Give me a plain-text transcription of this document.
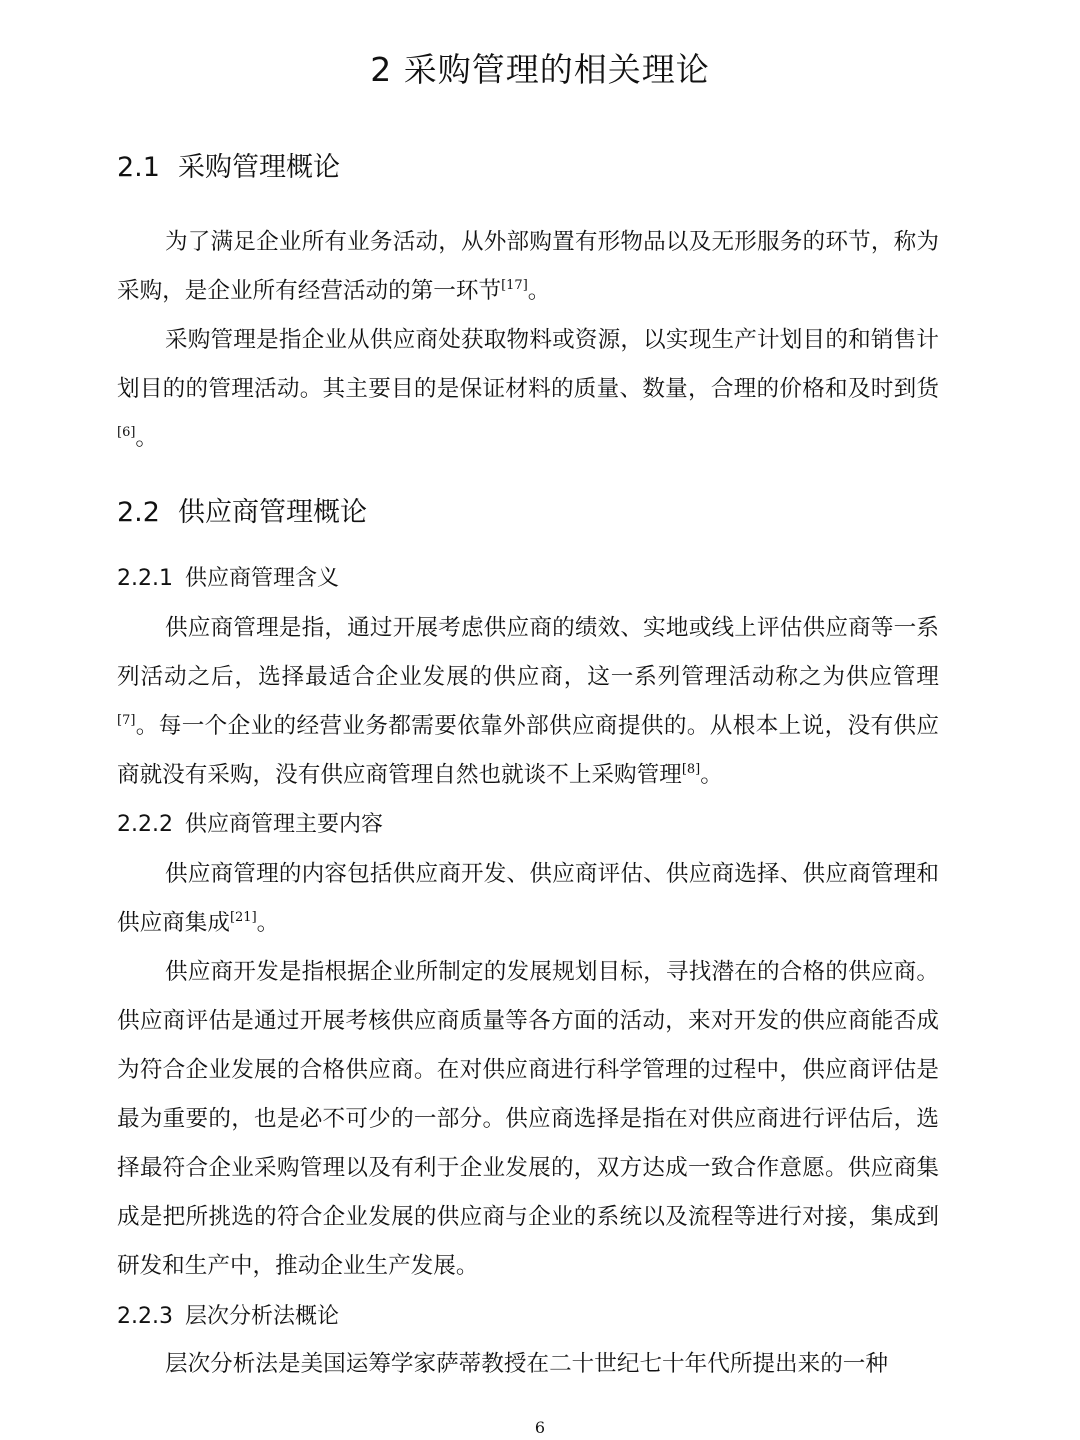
2 采购管理的相关理论
2.1 采购管理概论

为了满足企业所有业务活动，从外部购置有形物品以及无形服务的环节，称为采购，是企业所有经营活动的第一环节[17]。

采购管理是指企业从供应商处获取物料或资源，以实现生产计划目的和销售计划目的的管理活动。其主要目的是保证材料的质量、数量，合理的价格和及时到货[6]。

2.2 供应商管理概论
2.2.1 供应商管理含义

供应商管理是指，通过开展考虑供应商的绩效、实地或线上评估供应商等一系列活动之后，选择最适合企业发展的供应商，这一系列管理活动称之为供应管理[7]。每一个企业的经营业务都需要依靠外部供应商提供的。从根本上说，没有供应商就没有采购，没有供应商管理自然也就谈不上采购管理[8]。

2.2.2 供应商管理主要内容

供应商管理的内容包括供应商开发、供应商评估、供应商选择、供应商管理和供应商集成[21]。

供应商开发是指根据企业所制定的发展规划目标，寻找潜在的合格的供应商。供应商评估是通过开展考核供应商质量等各方面的活动，来对开发的供应商能否成为符合企业发展的合格供应商。在对供应商进行科学管理的过程中，供应商评估是最为重要的，也是必不可少的一部分。供应商选择是指在对供应商进行评估后，选择最符合企业采购管理以及有利于企业发展的，双方达成一致合作意愿。供应商集成是把所挑选的符合企业发展的供应商与企业的系统以及流程等进行对接，集成到研发和生产中，推动企业生产发展。

2.2.3 层次分析法概论

层次分析法是美国运筹学家萨蒂教授在二十世纪七十年代所提出来的一种

6
